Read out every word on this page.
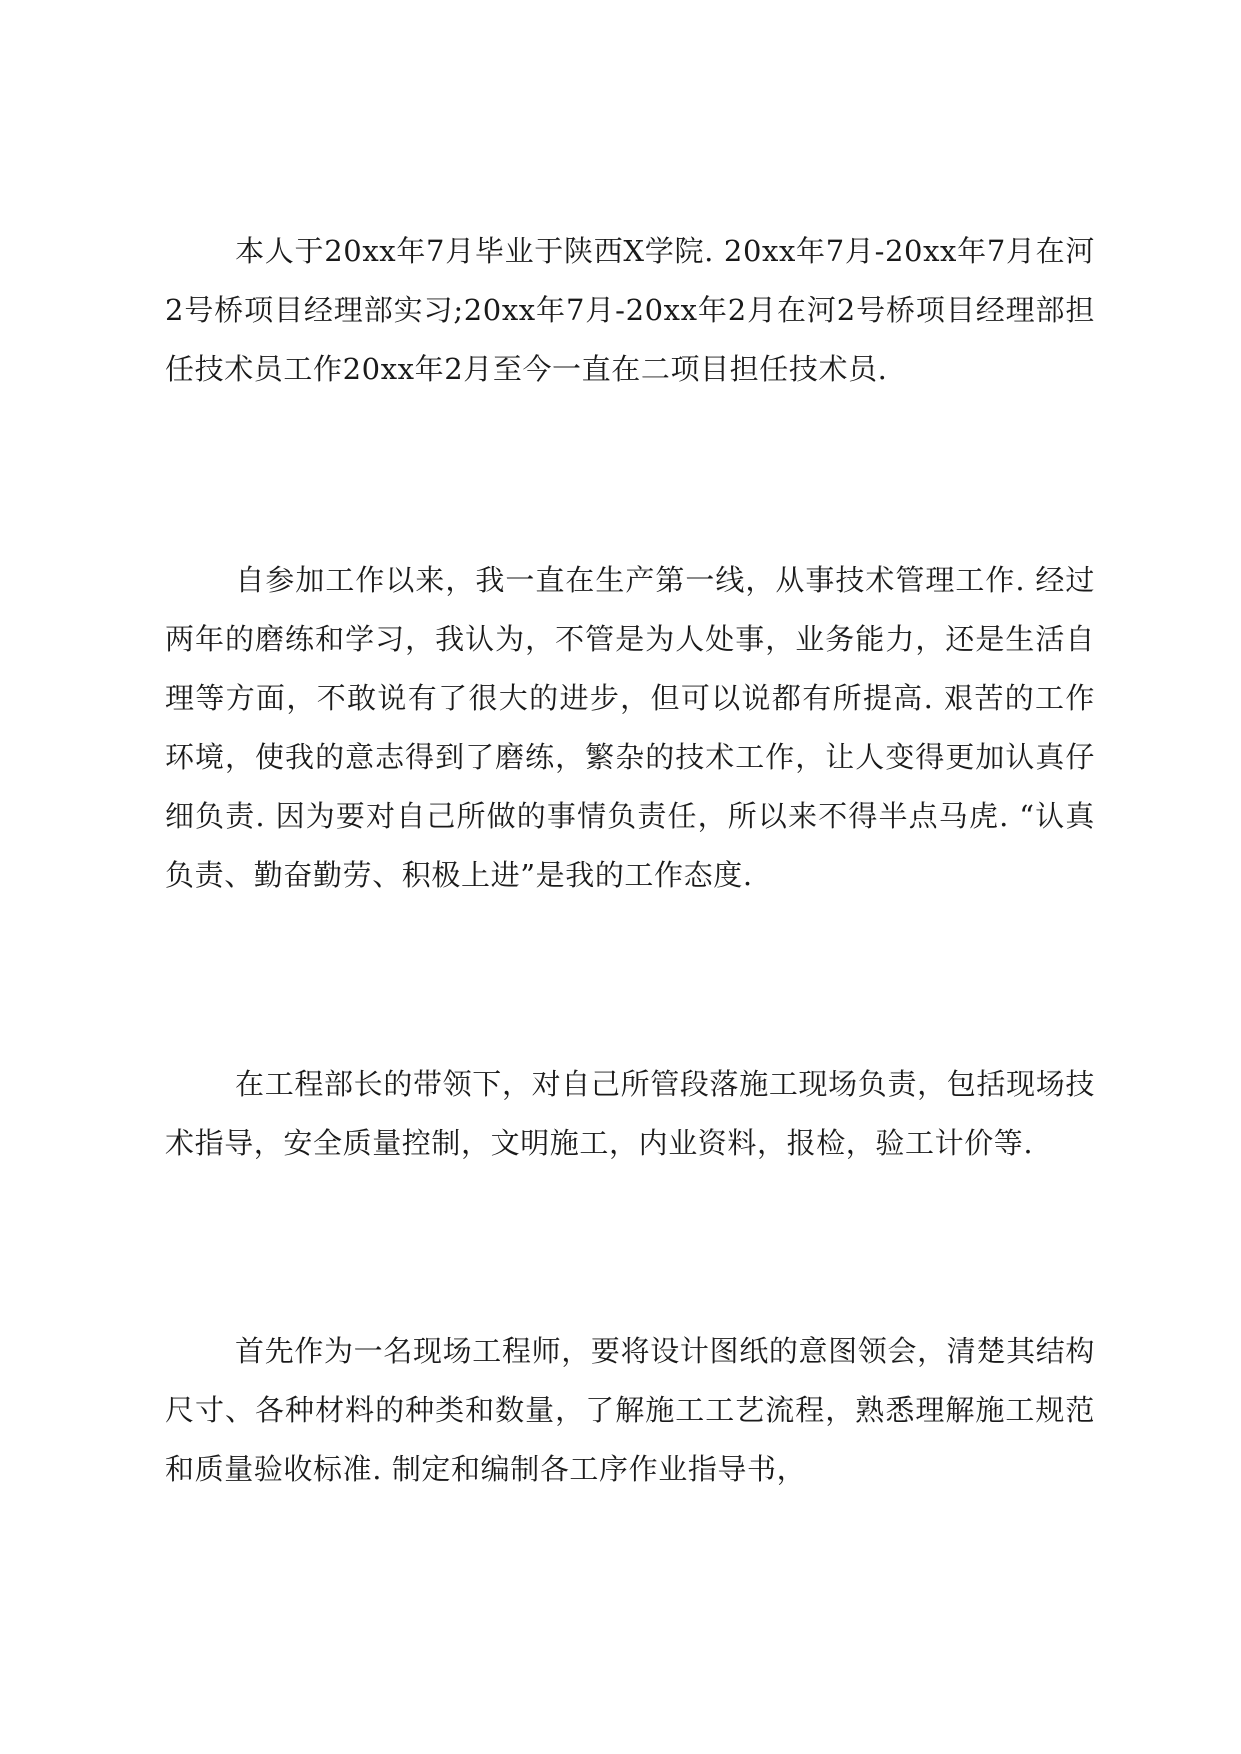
本人于20xx年7月毕业于陕西X学院. 20xx年7月-20xx年7月在河2号桥项目经理部实习;20xx年7月-20xx年2月在河2号桥项目经理部担任技术员工作20xx年2月至今一直在二项目担任技术员.

自参加工作以来，我一直在生产第一线，从事技术管理工作. 经过两年的磨练和学习，我认为，不管是为人处事，业务能力，还是生活自理等方面，不敢说有了很大的进步，但可以说都有所提高. 艰苦的工作环境，使我的意志得到了磨练，繁杂的技术工作，让人变得更加认真仔细负责. 因为要对自己所做的事情负责任，所以来不得半点马虎. “认真负责、勤奋勤劳、积极上进”是我的工作态度.

在工程部长的带领下，对自己所管段落施工现场负责，包括现场技术指导，安全质量控制，文明施工，内业资料，报检，验工计价等.

首先作为一名现场工程师，要将设计图纸的意图领会，清楚其结构尺寸、各种材料的种类和数量，了解施工工艺流程，熟悉理解施工规范和质量验收标准. 制定和编制各工序作业指导书，
